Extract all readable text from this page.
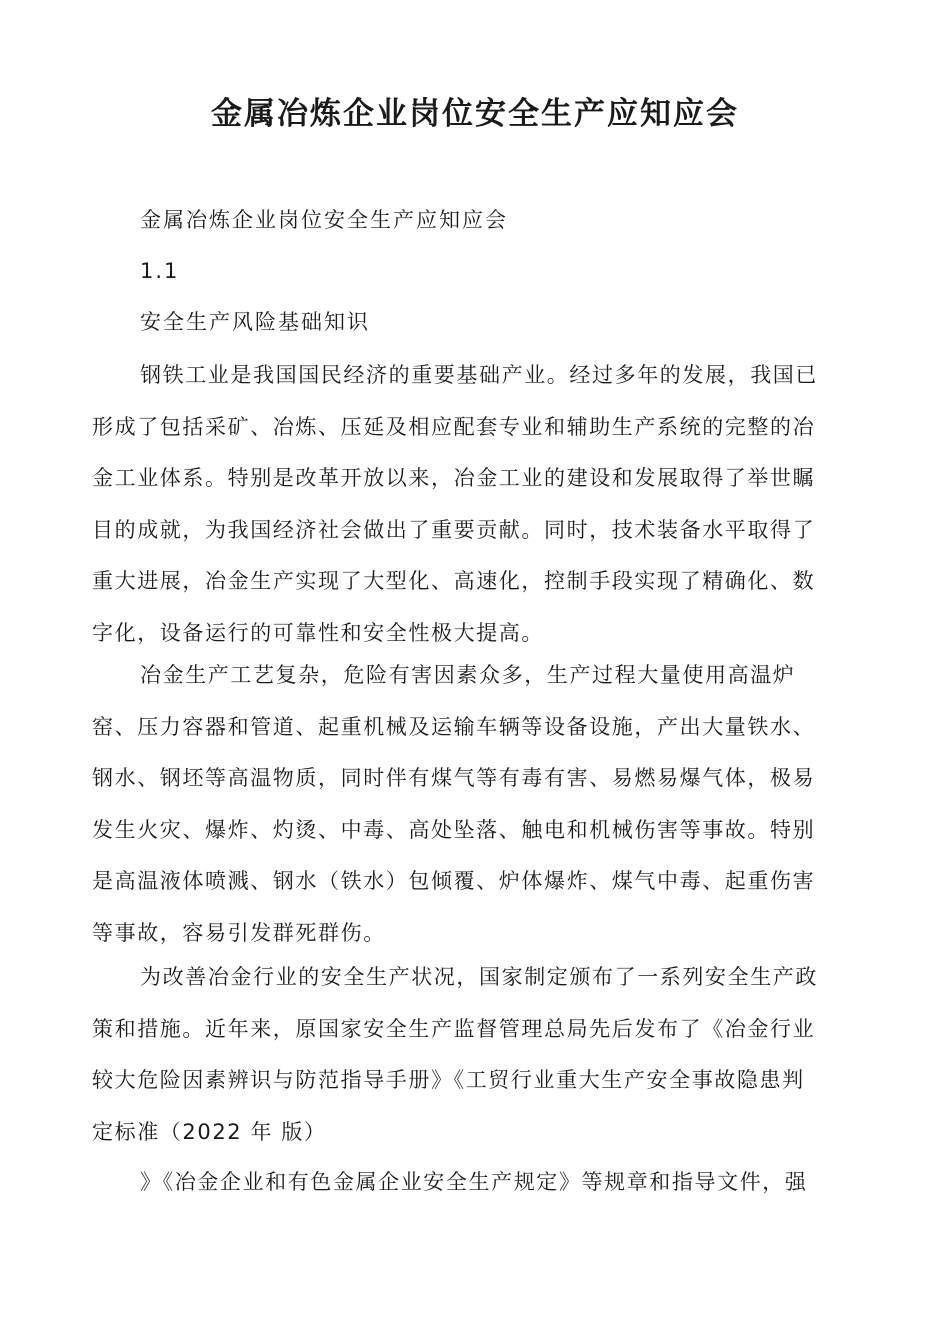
金属冶炼企业岗位安全生产应知应会
金属冶炼企业岗位安全生产应知应会
1.1
安全生产风险基础知识
钢铁工业是我国国民经济的重要基础产业。经过多年的发展，我国已
形成了包括采矿、冶炼、压延及相应配套专业和辅助生产系统的完整的冶
金工业体系。特别是改革开放以来，冶金工业的建设和发展取得了举世瞩
目的成就，为我国经济社会做出了重要贡献。同时，技术装备水平取得了
重大进展，冶金生产实现了大型化、高速化，控制手段实现了精确化、数
字化，设备运行的可靠性和安全性极大提高。
冶金生产工艺复杂，危险有害因素众多，生产过程大量使用高温炉
窑、压力容器和管道、起重机械及运输车辆等设备设施，产出大量铁水、
钢水、钢坯等高温物质，同时伴有煤气等有毒有害、易燃易爆气体，极易
发生火灾、爆炸、灼烫、中毒、高处坠落、触电和机械伤害等事故。特别
是高温液体喷溅、钢水（铁水）包倾覆、炉体爆炸、煤气中毒、起重伤害
等事故，容易引发群死群伤。
为改善冶金行业的安全生产状况，国家制定颁布了一系列安全生产政
策和措施。近年来，原国家安全生产监督管理总局先后发布了《冶金行业
较大危险因素辨识与防范指导手册》《工贸行业重大生产安全事故隐患判
定标准（2022 年 版）
》《冶金企业和有色金属企业安全生产规定》等规章和指导文件，强
